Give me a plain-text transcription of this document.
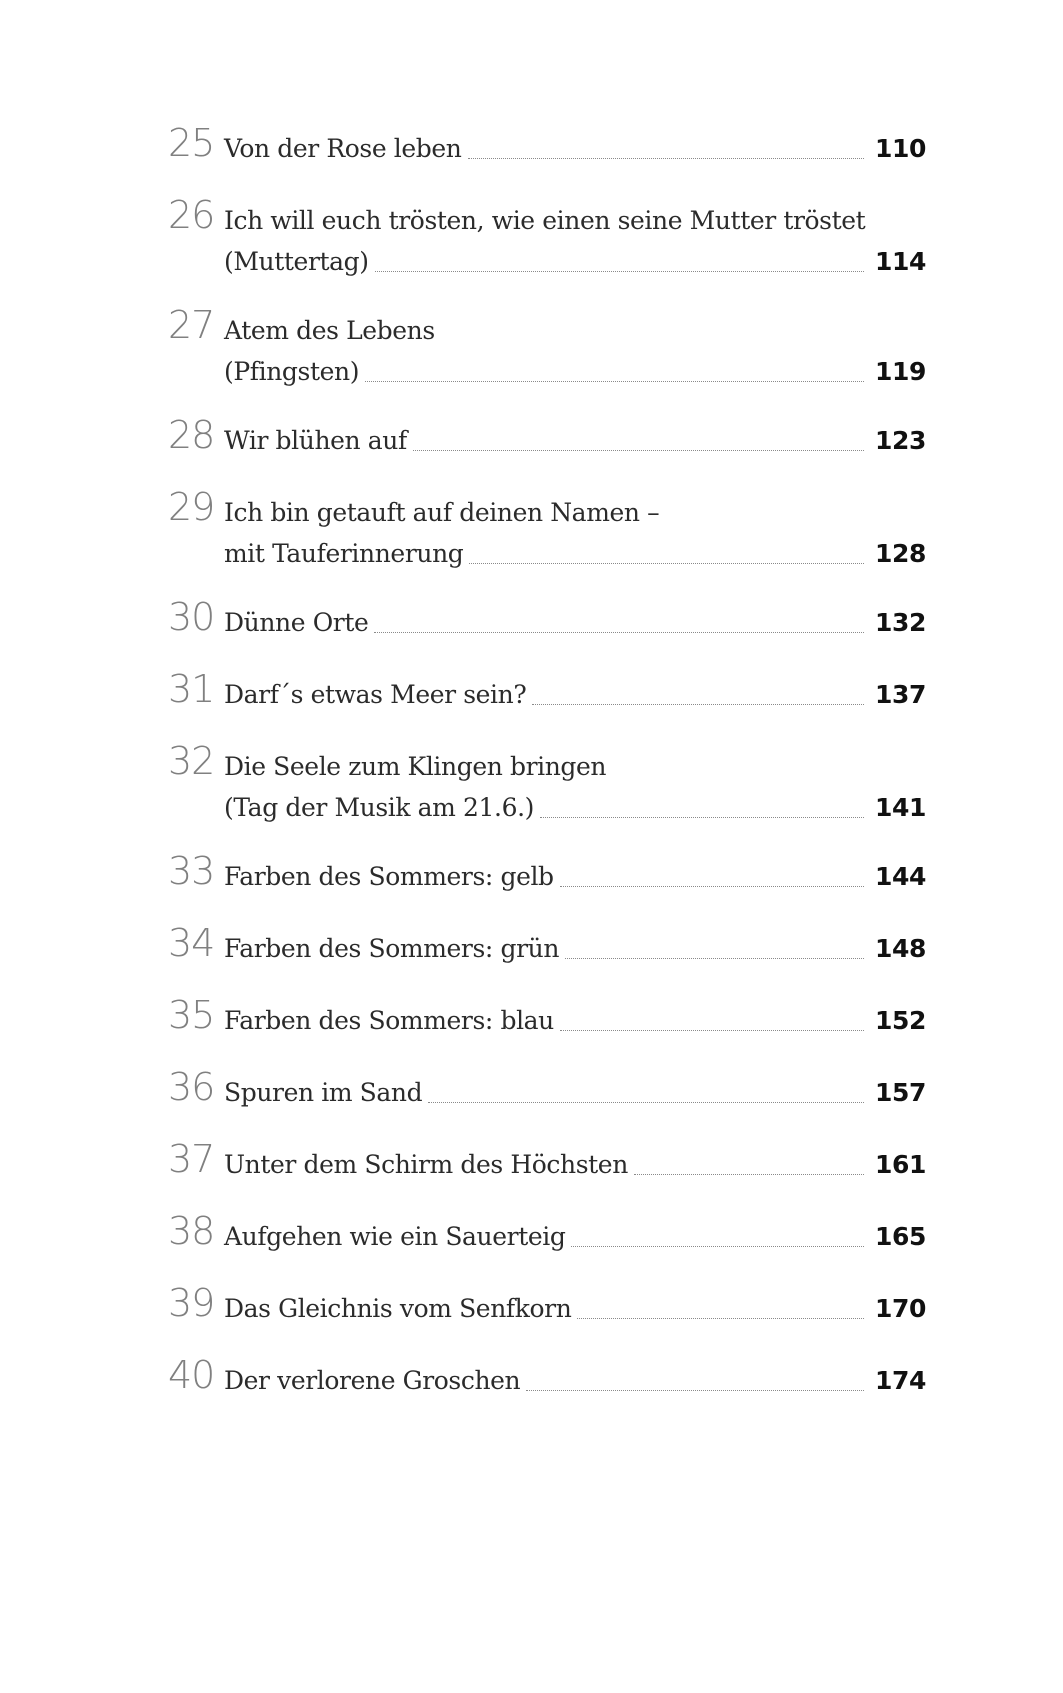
25 Von der Rose leben	110
26 Ich will euch trösten, wie einen seine Mutter tröstet
(Muttertag)	114
27 Atem des Lebens
(Pfingsten)	119
28 Wir blühen auf	123
29 Ich bin getauft auf deinen Namen –
mit Tauferinnerung	128
30 Dünne Orte	132
31 Darf´s etwas Meer sein?	137
32 Die Seele zum Klingen bringen
(Tag der Musik am 21.6.)	141
33 Farben des Sommers: gelb	144
34 Farben des Sommers: grün	148
35 Farben des Sommers: blau	152
36 Spuren im Sand	157
37 Unter dem Schirm des Höchsten	161
38 Aufgehen wie ein Sauerteig	165
39 Das Gleichnis vom Senfkorn	170
40 Der verlorene Groschen	174
